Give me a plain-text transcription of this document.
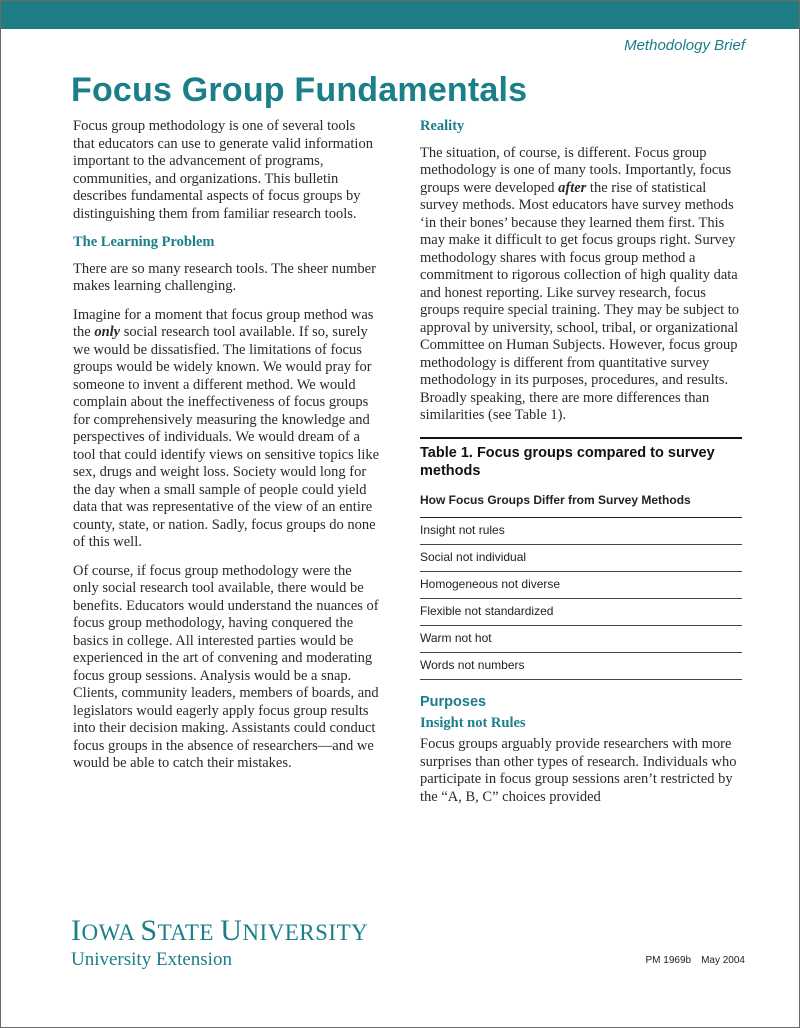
Methodology Brief
Focus Group Fundamentals

Focus group methodology is one of several tools that educators can use to generate valid information important to the advancement of programs, communities, and organizations. This bulletin describes fundamental aspects of focus groups by distinguishing them from familiar research tools.

The Learning Problem

There are so many research tools. The sheer number makes learning challenging.

Imagine for a moment that focus group method was the only social research tool available. If so, surely we would be dissatisfied. The limitations of focus groups would be widely known. We would pray for someone to invent a different method. We would complain about the ineffectiveness of focus groups for comprehensively measuring the knowledge and perspectives of individuals. We would dream of a tool that could identify views on sensitive topics like sex, drugs and weight loss. Society would long for the day when a small sample of people could yield data that was representative of the view of an entire county, state, or nation. Sadly, focus groups do none of this well.

Of course, if focus group methodology were the only social research tool available, there would be benefits. Educators would understand the nuances of focus group methodology, having conquered the basics in college. All interested parties would be experienced in the art of convening and moderating focus group sessions. Analysis would be a snap. Clients, community leaders, members of boards, and legislators would eagerly apply focus group results into their decision making. Assistants could conduct focus groups in the absence of researchers—and we would be able to catch their mistakes.

Reality

The situation, of course, is different. Focus group methodology is one of many tools. Importantly, focus groups were developed after the rise of statistical survey methods. Most educators have survey methods ‘in their bones’ because they learned them first. This may make it difficult to get focus groups right. Survey methodology shares with focus group method a commitment to rigorous collection of high quality data and honest reporting. Like survey research, focus groups require special training. They may be subject to approval by university, school, tribal, or organizational Committee on Human Subjects. However, focus group methodology is different from quantitative survey methodology in its purposes, procedures, and results. Broadly speaking, there are more differences than similarities (see Table 1).

Table 1. Focus groups compared to survey methods
How Focus Groups Differ from Survey Methods
Insight not rules
Social not individual
Homogeneous not diverse
Flexible not standardized
Warm not hot
Words not numbers
Purposes
Insight not Rules

Focus groups arguably provide researchers with more surprises than other types of research. Individuals who participate in focus group sessions aren’t restricted by the “A, B, C” choices provided

IOWA STATE UNIVERSITY
University Extension	PM 1969b May 2004
